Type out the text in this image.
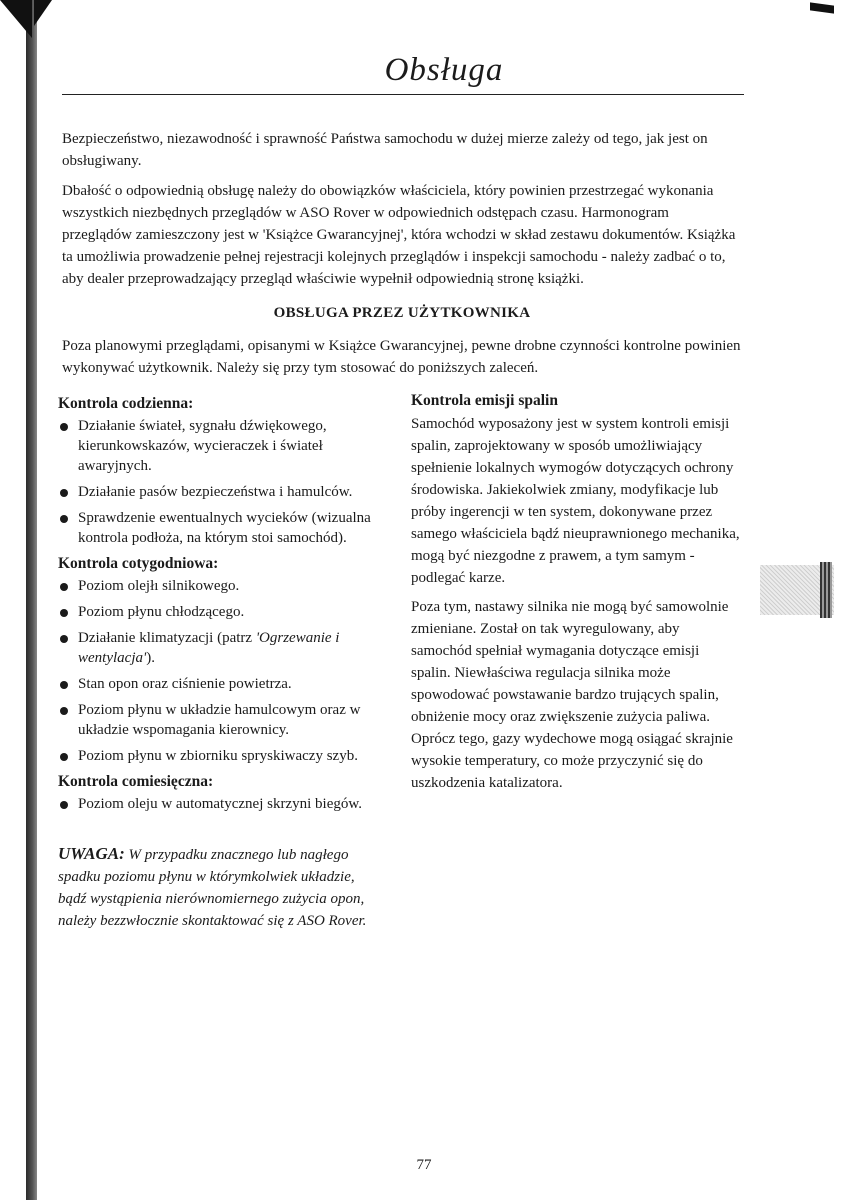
Obsługa

Bezpieczeństwo, niezawodność i sprawność Państwa samochodu w dużej mierze zależy od tego, jak jest on obsługiwany.

Dbałość o odpowiednią obsługę należy do obowiązków właściciela, który powinien przestrzegać wykonania wszystkich niezbędnych przeglądów w ASO Rover w odpowiednich odstępach czasu. Harmonogram przeglądów zamieszczony jest w 'Książce Gwarancyjnej', która wchodzi w skład zestawu dokumentów. Książka ta umożliwia prowadzenie pełnej rejestracji kolejnych przeglądów i inspekcji samochodu - należy zadbać o to, aby dealer przeprowadzający przegląd właściwie wypełnił odpowiednią stronę książki.

OBSŁUGA PRZEZ UŻYTKOWNIKA

Poza planowymi przeglądami, opisanymi w Książce Gwarancyjnej, pewne drobne czynności kontrolne powinien wykonywać użytkownik. Należy się przy tym stosować do poniższych zaleceń.

Kontrola codzienna:
Działanie świateł, sygnału dźwiękowego, kierunkowskazów, wycieraczek i świateł awaryjnych.
Działanie pasów bezpieczeństwa i hamulców.
Sprawdzenie ewentualnych wycieków (wizualna kontrola podłoża, na którym stoi samochód).
Kontrola cotygodniowa:
Poziom olejłı silnikowego.
Poziom płynu chłodzącego.
Działanie klimatyzacji (patrz 'Ogrzewanie i wentylacja').
Stan opon oraz ciśnienie powietrza.
Poziom płynu w układzie hamulcowym oraz w układzie wspomagania kierownicy.
Poziom płynu w zbiorniku spryskiwaczy szyb.
Kontrola comiesięczna:
Poziom oleju w automatycznej skrzyni biegów.

UWAGA: W przypadku znacznego lub nagłego spadku poziomu płynu w którymkolwiek układzie, bądź wystąpienia nierównomiernego zużycia opon, należy bezzwłocznie skontaktować się z ASO Rover.

Kontrola emisji spalin

Samochód wyposażony jest w system kontroli emisji spalin, zaprojektowany w sposób umożliwiający spełnienie lokalnych wymogów dotyczących ochrony środowiska. Jakiekolwiek zmiany, modyfikacje lub próby ingerencji w ten system, dokonywane przez samego właściciela bądź nieuprawnionego mechanika, mogą być niezgodne z prawem, a tym samym - podlegać karze.

Poza tym, nastawy silnika nie mogą być samowolnie zmieniane. Został on tak wyregulowany, aby samochód spełniał wymagania dotyczące emisji spalin. Niewłaściwa regulacja silnika może spowodować powstawanie bardzo trujących spalin, obniżenie mocy oraz zwiększenie zużycia paliwa. Oprócz tego, gazy wydechowe mogą osiągać skrajnie wysokie temperatury, co może przyczynić się do uszkodzenia katalizatora.

77
